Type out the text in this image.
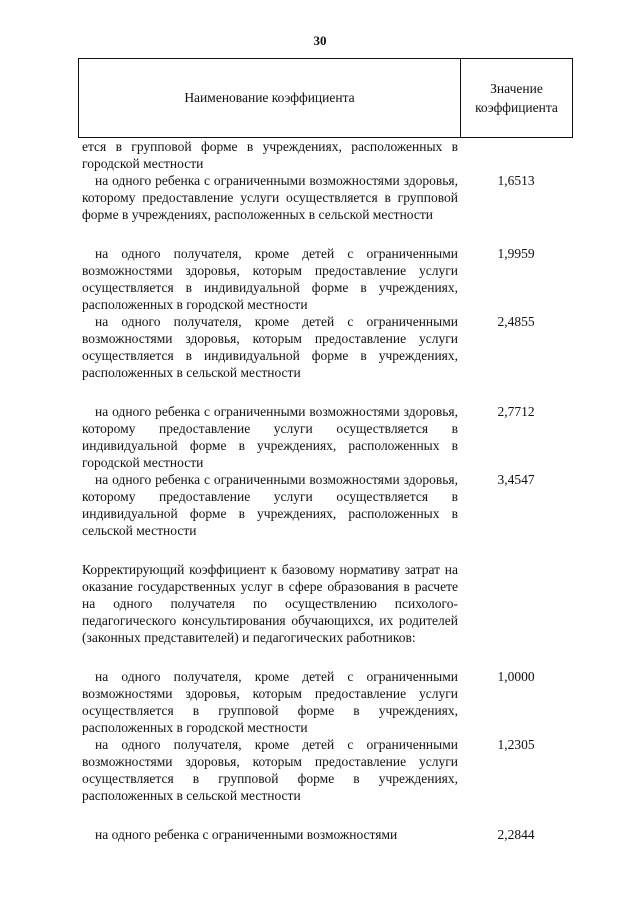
30
Наименование коэффициента
Значение
коэффициента
ется в групповой форме в учреждениях, расположенных в городской местности
на одного ребенка с ограниченными возможностями здоровья, которому предоставление услуги осуществляется в групповой форме в учреждениях, расположенных в сельской местности
1,6513
на одного получателя, кроме детей с ограниченными возможностями здоровья, которым предоставление услуги осуществляется в индивидуальной форме в учреждениях, расположенных в городской местности
1,9959
на одного получателя, кроме детей с ограниченными возможностями здоровья, которым предоставление услуги осуществляется в индивидуальной форме в учреждениях, расположенных в сельской местности
2,4855
на одного ребенка с ограниченными возможностями здоровья, которому предоставление услуги осуществляется в индивидуальной форме в учреждениях, расположенных в городской местности
2,7712
на одного ребенка с ограниченными возможностями здоровья, которому предоставление услуги осуществляется в индивидуальной форме в учреждениях, расположенных в сельской местности
3,4547
Корректирующий коэффициент к базовому нормативу затрат на оказание государственных услуг в сфере образования в расчете на одного получателя по осуществлению психолого-педагогического консультирования обучающихся, их родителей (законных представителей) и педагогических работников:
на одного получателя, кроме детей с ограниченными возможностями здоровья, которым предоставление услуги осуществляется в групповой форме в учреждениях, расположенных в городской местности
1,0000
на одного получателя, кроме детей с ограниченными возможностями здоровья, которым предоставление услуги осуществляется в групповой форме в учреждениях, расположенных в сельской местности
1,2305
на одного ребенка с ограниченными возможностями	2,2844
